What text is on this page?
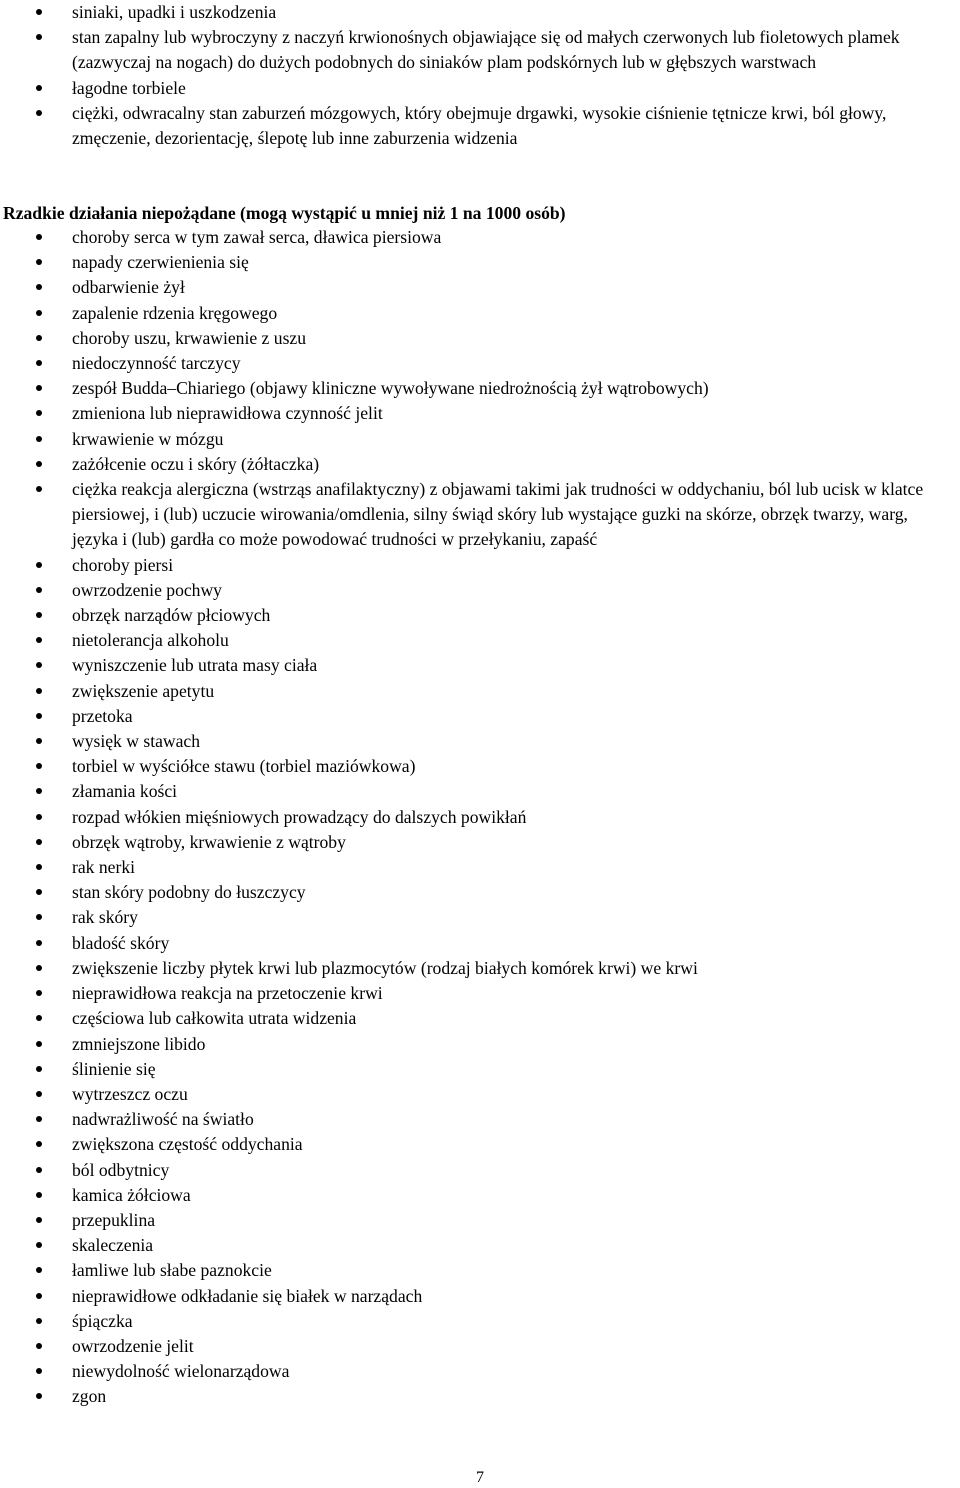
siniaki, upadki i uszkodzenia
stan zapalny lub wybroczyny z naczyń krwionośnych objawiające się od małych czerwonych lub fioletowych plamek (zazwyczaj na nogach) do dużych podobnych do siniaków plam podskórnych lub w głębszych warstwach
łagodne torbiele
ciężki, odwracalny stan zaburzeń mózgowych, który obejmuje drgawki, wysokie ciśnienie tętnicze krwi, ból głowy, zmęczenie, dezorientację, ślepotę lub inne zaburzenia widzenia

Rzadkie działania niepożądane (mogą wystąpić u mniej niż 1 na 1000 osób)

choroby serca w tym zawał serca, dławica piersiowa
napady czerwienienia się
odbarwienie żył
zapalenie rdzenia kręgowego
choroby uszu, krwawienie z uszu
niedoczynność tarczycy
zespół Budda–Chiariego (objawy kliniczne wywoływane niedrożnością żył wątrobowych)
zmieniona lub nieprawidłowa czynność jelit
krwawienie w mózgu
zażółcenie oczu i skóry (żółtaczka)
ciężka reakcja alergiczna (wstrząs anafilaktyczny) z objawami takimi jak trudności w oddychaniu, ból lub ucisk w klatce piersiowej, i (lub) uczucie wirowania/omdlenia, silny świąd skóry lub wystające guzki na skórze, obrzęk twarzy, warg, języka i (lub) gardła co może powodować trudności w przełykaniu, zapaść
choroby piersi
owrzodzenie pochwy
obrzęk narządów płciowych
nietolerancja alkoholu
wyniszczenie lub utrata masy ciała
zwiększenie apetytu
przetoka
wysięk w stawach
torbiel w wyściółce stawu (torbiel maziówkowa)
złamania kości
rozpad włókien mięśniowych prowadzący do dalszych powikłań
obrzęk wątroby, krwawienie z wątroby
rak nerki
stan skóry podobny do łuszczycy
rak skóry
bladość skóry
zwiększenie liczby płytek krwi lub plazmocytów (rodzaj białych komórek krwi) we krwi
nieprawidłowa reakcja na przetoczenie krwi
częściowa lub całkowita utrata widzenia
zmniejszone libido
ślinienie się
wytrzeszcz oczu
nadwrażliwość na światło
zwiększona częstość oddychania
ból odbytnicy
kamica żółciowa
przepuklina
skaleczenia
łamliwe lub słabe paznokcie
nieprawidłowe odkładanie się białek w narządach
śpiączka
owrzodzenie jelit
niewydolność wielonarządowa
zgon
7
